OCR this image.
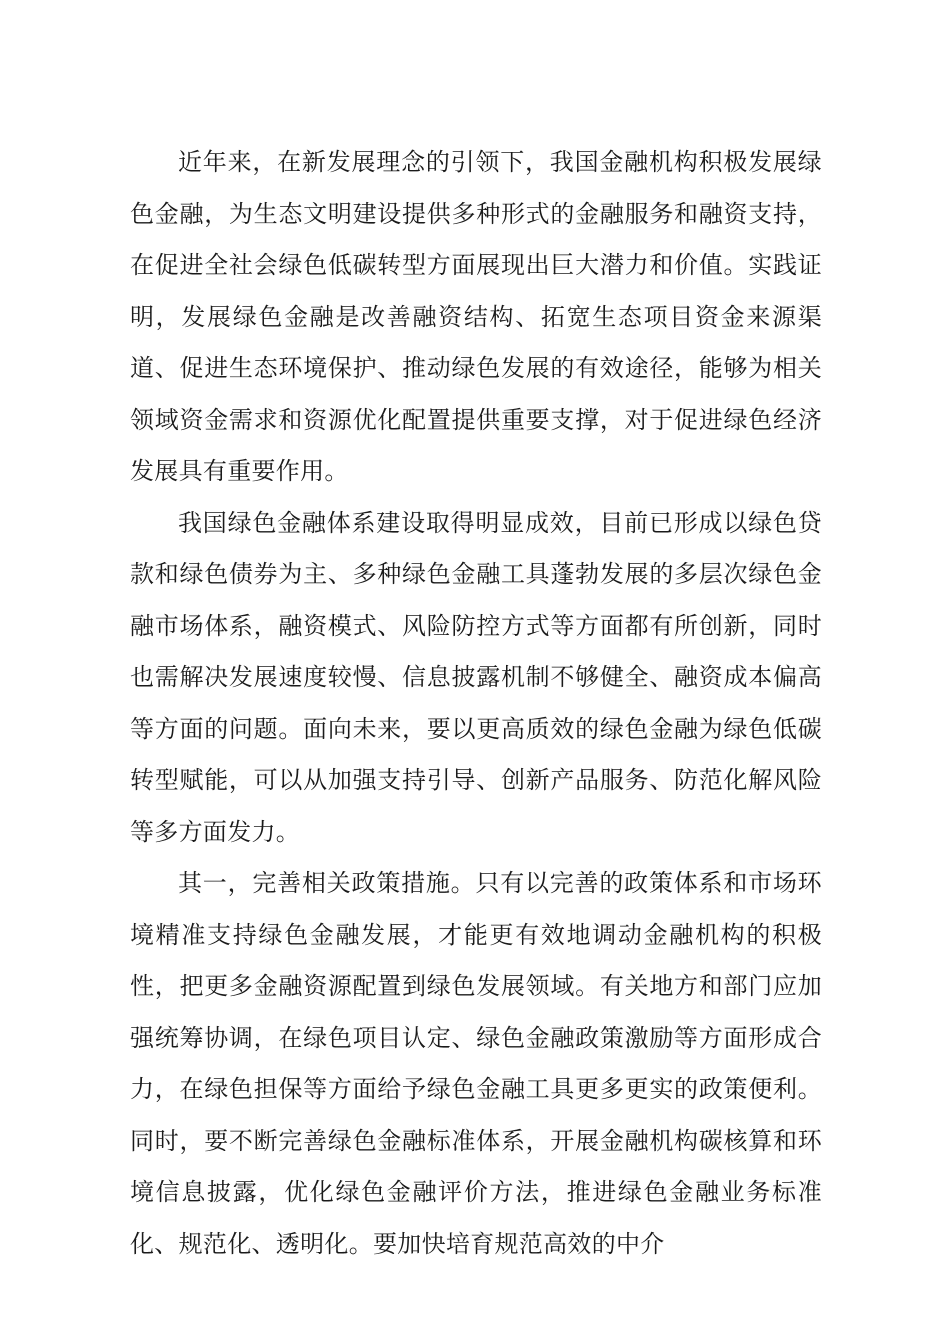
近年来，在新发展理念的引领下，我国金融机构积极发展绿色金融，为生态文明建设提供多种形式的金融服务和融资支持，在促进全社会绿色低碳转型方面展现出巨大潜力和价值。实践证明，发展绿色金融是改善融资结构、拓宽生态项目资金来源渠道、促进生态环境保护、推动绿色发展的有效途径，能够为相关领域资金需求和资源优化配置提供重要支撑，对于促进绿色经济发展具有重要作用。

我国绿色金融体系建设取得明显成效，目前已形成以绿色贷款和绿色债券为主、多种绿色金融工具蓬勃发展的多层次绿色金融市场体系，融资模式、风险防控方式等方面都有所创新，同时也需解决发展速度较慢、信息披露机制不够健全、融资成本偏高等方面的问题。面向未来，要以更高质效的绿色金融为绿色低碳转型赋能，可以从加强支持引导、创新产品服务、防范化解风险等多方面发力。

其一，完善相关政策措施。只有以完善的政策体系和市场环境精准支持绿色金融发展，才能更有效地调动金融机构的积极性，把更多金融资源配置到绿色发展领域。有关地方和部门应加强统筹协调，在绿色项目认定、绿色金融政策激励等方面形成合力，在绿色担保等方面给予绿色金融工具更多更实的政策便利。同时，要不断完善绿色金融标准体系，开展金融机构碳核算和环境信息披露，优化绿色金融评价方法，推进绿色金融业务标准化、规范化、透明化。要加快培育规范高效的中介
